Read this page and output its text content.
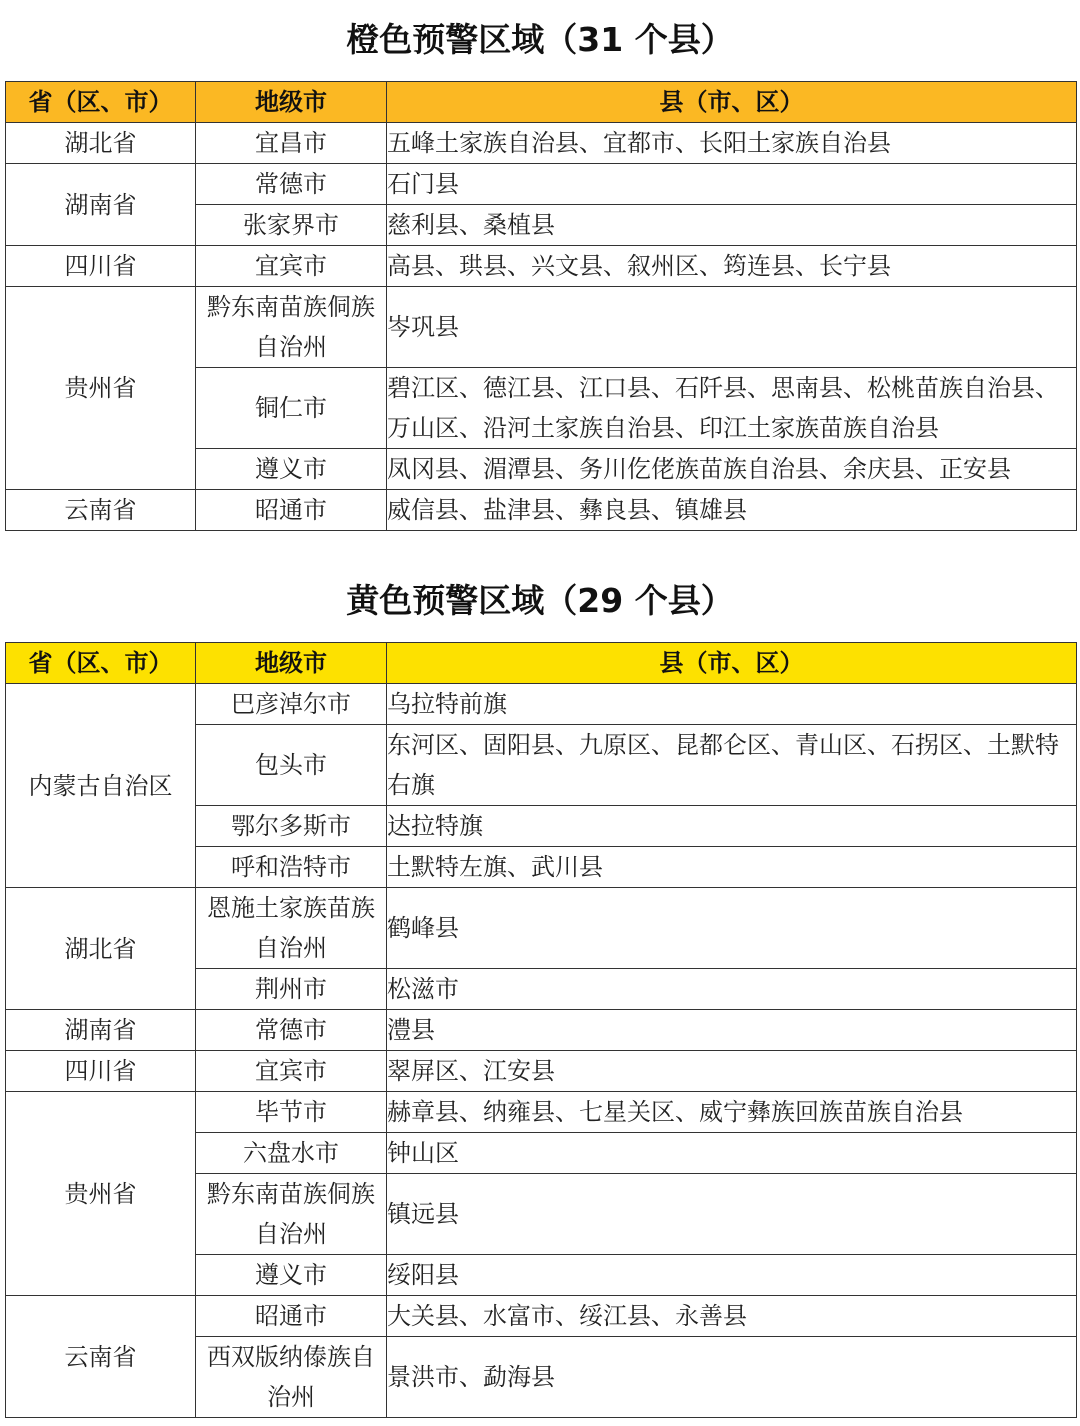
橙色预警区域（31 个县）
省（区、市）	地级市	县（市、区）
湖北省	宜昌市	五峰土家族自治县、宜都市、长阳土家族自治县
湖南省	常德市	石门县
	张家界市	慈利县、桑植县
四川省	宜宾市	高县、珙县、兴文县、叙州区、筠连县、长宁县
贵州省	黔东南苗族侗族自治州	岑巩县
	铜仁市	碧江区、德江县、江口县、石阡县、思南县、松桃苗族自治县、万山区、沿河土家族自治县、印江土家族苗族自治县
	遵义市	凤冈县、湄潭县、务川仡佬族苗族自治县、余庆县、正安县
云南省	昭通市	威信县、盐津县、彝良县、镇雄县
黄色预警区域（29 个县）
省（区、市）	地级市	县（市、区）
内蒙古自治区	巴彦淖尔市	乌拉特前旗
	包头市	东河区、固阳县、九原区、昆都仑区、青山区、石拐区、土默特右旗
	鄂尔多斯市	达拉特旗
	呼和浩特市	土默特左旗、武川县
湖北省	恩施土家族苗族自治州	鹤峰县
	荆州市	松滋市
湖南省	常德市	澧县
四川省	宜宾市	翠屏区、江安县
贵州省	毕节市	赫章县、纳雍县、七星关区、威宁彝族回族苗族自治县
	六盘水市	钟山区
	黔东南苗族侗族自治州	镇远县
	遵义市	绥阳县
云南省	昭通市	大关县、水富市、绥江县、永善县
	西双版纳傣族自治州	景洪市、勐海县
